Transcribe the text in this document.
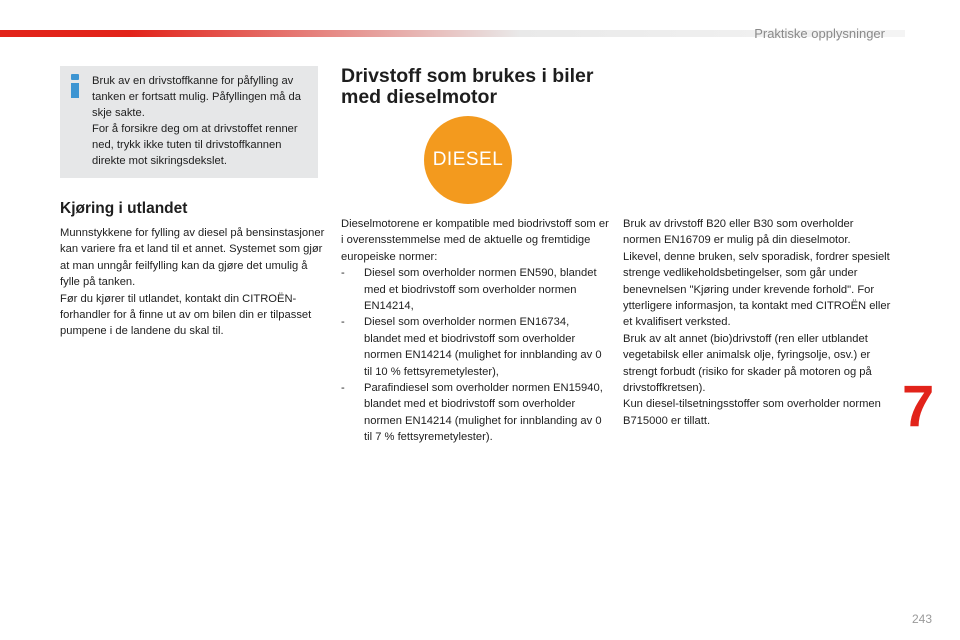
Praktiske opplysninger

Bruk av en drivstoffkanne for påfylling av tanken er fortsatt mulig. Påfyllingen må da skje sakte.

For å forsikre deg om at drivstoffet renner ned, trykk ikke tuten til drivstoffkannen direkte mot sikringsdekslet.

Kjøring i utlandet

Munnstykkene for fylling av diesel på bensinstasjoner kan variere fra et land til et annet. Systemet som gjør at man unngår feilfylling kan da gjøre det umulig å fylle på tanken.

Før du kjører til utlandet, kontakt din CITROËN-forhandler for å finne ut av om bilen din er tilpasset pumpene i de landene du skal til.

Drivstoff som brukes i biler
med dieselmotor
DIESEL

Dieselmotorene er kompatible med biodrivstoff som er i overensstemmelse med de aktuelle og fremtidige europeiske normer:

- Diesel som overholder normen EN590, blandet med et biodrivstoff som overholder normen EN14214,
- Diesel som overholder normen EN16734, blandet med et biodrivstoff som overholder normen EN14214 (mulighet for innblanding av 0 til 10 % fettsyremetylester),
- Parafindiesel som overholder normen EN15940, blandet med et biodrivstoff som overholder normen EN14214 (mulighet for innblanding av 0 til 7 % fettsyremetylester).

Bruk av drivstoff B20 eller B30 som overholder normen EN16709 er mulig på din dieselmotor. Likevel, denne bruken, selv sporadisk, fordrer spesielt strenge vedlikeholdsbetingelser, som går under benevnelsen "Kjøring under krevende forhold". For ytterligere informasjon, ta kontakt med CITROËN eller et kvalifisert verksted.

Bruk av alt annet (bio)drivstoff (ren eller utblandet vegetabilsk eller animalsk olje, fyringsolje, osv.) er strengt forbudt (risiko for skader på motoren og på drivstoffkretsen).

Kun diesel-tilsetningsstoffer som overholder normen B715000 er tillatt.	7
243
